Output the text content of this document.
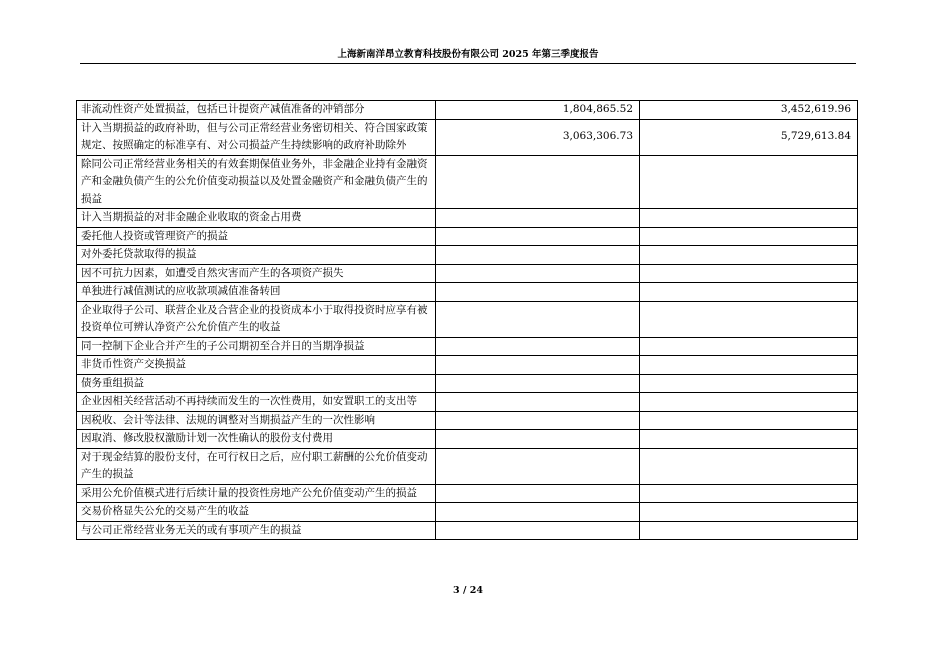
上海新南洋昂立教育科技股份有限公司 2025 年第三季度报告
非流动性资产处置损益，包括已计提资产减值准备的冲销部分	1,804,865.52	3,452,619.96
计入当期损益的政府补助，但与公司正常经营业务密切相关、符合国家政策规定、按照确定的标准享有、对公司损益产生持续影响的政府补助除外	3,063,306.73	5,729,613.84
除同公司正常经营业务相关的有效套期保值业务外，非金融企业持有金融资产和金融负债产生的公允价值变动损益以及处置金融资产和金融负债产生的损益		
计入当期损益的对非金融企业收取的资金占用费		
委托他人投资或管理资产的损益		
对外委托贷款取得的损益		
因不可抗力因素，如遭受自然灾害而产生的各项资产损失		
单独进行减值测试的应收款项减值准备转回		
企业取得子公司、联营企业及合营企业的投资成本小于取得投资时应享有被投资单位可辨认净资产公允价值产生的收益		
同一控制下企业合并产生的子公司期初至合并日的当期净损益		
非货币性资产交换损益		
债务重组损益		
企业因相关经营活动不再持续而发生的一次性费用，如安置职工的支出等		
因税收、会计等法律、法规的调整对当期损益产生的一次性影响		
因取消、修改股权激励计划一次性确认的股份支付费用		
对于现金结算的股份支付，在可行权日之后，应付职工薪酬的公允价值变动产生的损益		
采用公允价值模式进行后续计量的投资性房地产公允价值变动产生的损益		
交易价格显失公允的交易产生的收益		
与公司正常经营业务无关的或有事项产生的损益		
3 / 24
